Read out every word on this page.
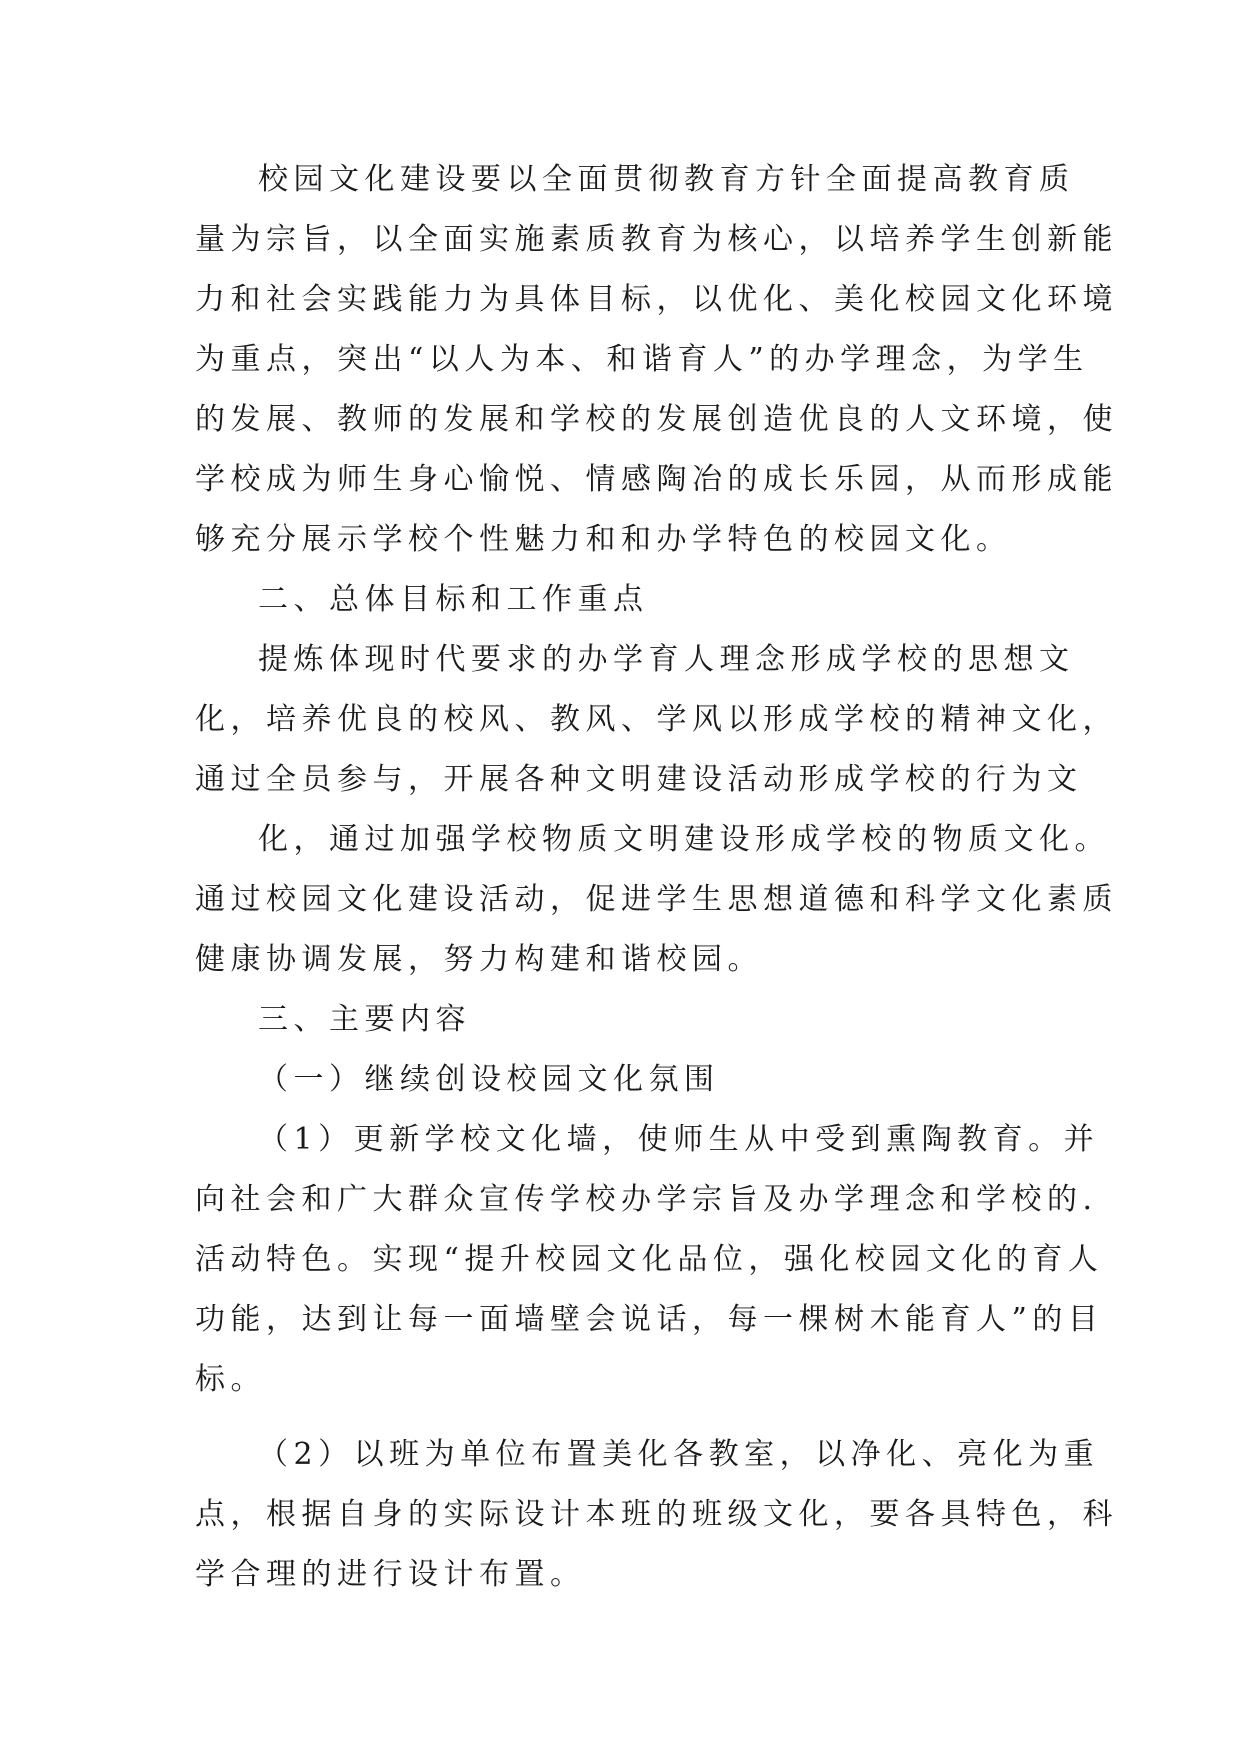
校园文化建设要以全面贯彻教育方针全面提高教育质
量为宗旨，以全面实施素质教育为核心，以培养学生创新能
力和社会实践能力为具体目标，以优化、美化校园文化环境
为重点，突出“以人为本、和谐育人”的办学理念，为学生
的发展、教师的发展和学校的发展创造优良的人文环境，使
学校成为师生身心愉悦、情感陶冶的成长乐园，从而形成能
够充分展示学校个性魅力和和办学特色的校园文化。
二、总体目标和工作重点
提炼体现时代要求的办学育人理念形成学校的思想文
化，培养优良的校风、教风、学风以形成学校的精神文化，
通过全员参与，开展各种文明建设活动形成学校的行为文
化，通过加强学校物质文明建设形成学校的物质文化。
通过校园文化建设活动，促进学生思想道德和科学文化素质
健康协调发展，努力构建和谐校园。
三、主要内容
（一）继续创设校园文化氛围
（1）更新学校文化墙，使师生从中受到熏陶教育。并
向社会和广大群众宣传学校办学宗旨及办学理念和学校的.
活动特色。实现“提升校园文化品位，强化校园文化的育人
功能，达到让每一面墙壁会说话，每一棵树木能育人”的目
标。
（2）以班为单位布置美化各教室，以净化、亮化为重
点，根据自身的实际设计本班的班级文化，要各具特色，科
学合理的进行设计布置。
